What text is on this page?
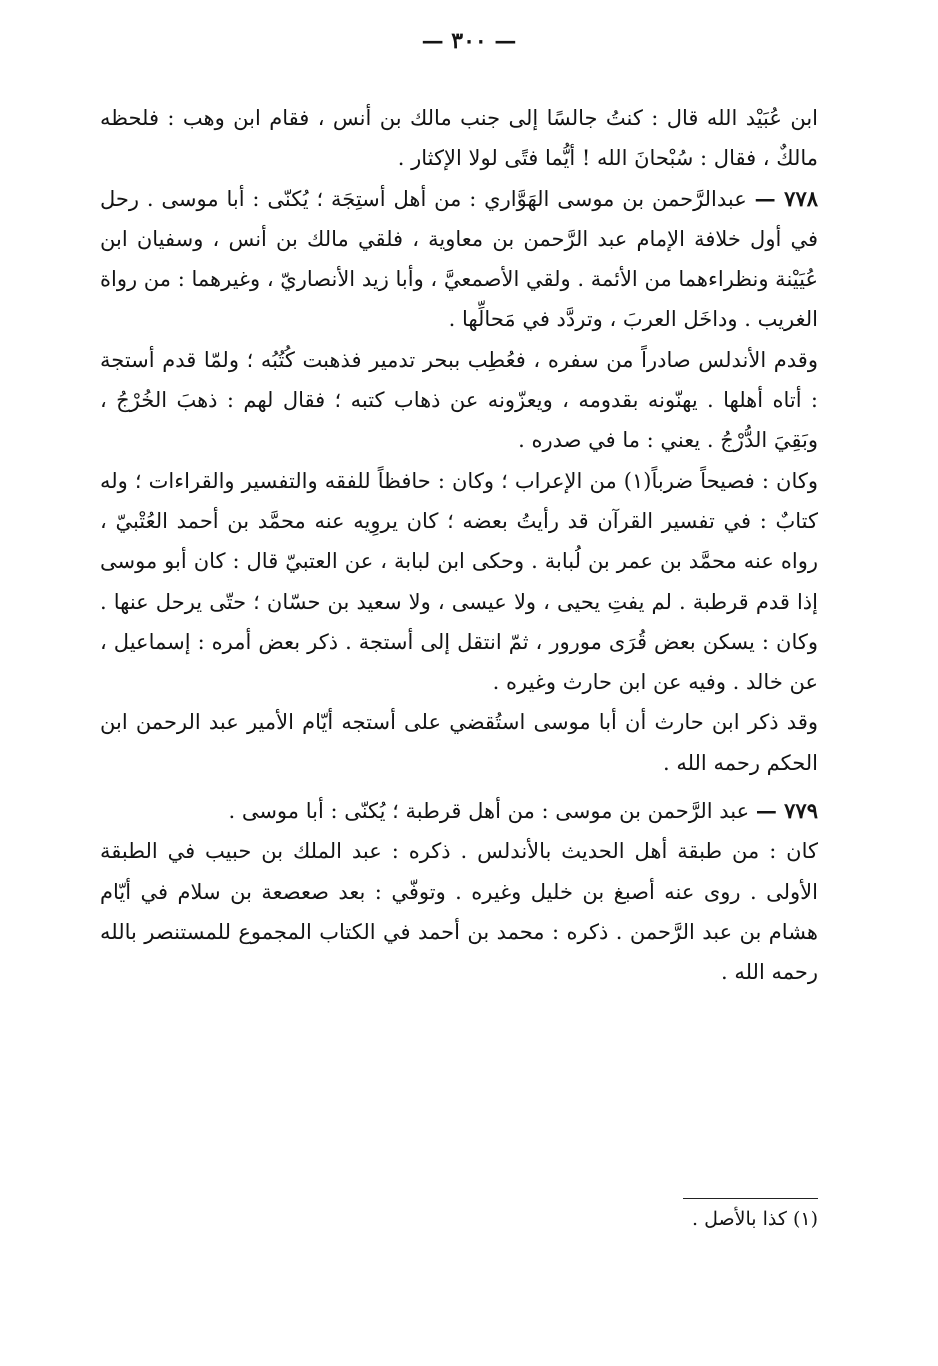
— ٣٠٠ —

ابن عُبَيْد الله قال : كنتُ جالسًا إلى جنب مالك بن أنس ، فقام ابن وهب : فلحظه مالكٌ ، فقال : سُبْحانَ الله ! أيُّما فتًى لولا الإكثار .

٧٧٨ — عبدالرَّحمن بن موسى الهَوَّاري : من أهل أستِجَة ؛ يُكنّى : أبا موسى . رحل في أول خلافة الإمام عبد الرَّحمن بن معاوية ، فلقي مالك بن أنس ، وسفيان ابن عُيَيْنة ونظراءهما من الأئمة . ولقي الأصمعيَّ ، وأبا زيد الأنصاريّ ، وغيرهما : من رواة الغريب . وداخَل العربَ ، وتردَّد في مَحالِّها .

وقدم الأندلس صادراً من سفره ، فعُطِب ببحر تدمير فذهبت كُتُبُه ؛ ولمّا قدم أستجة : أتاه أهلها . يهنّونه بقدومه ، ويعزّونه عن ذهاب كتبه ؛ فقال لهم : ذهبَ الخُرْجُ ، وبَقِيَ الدُّرْجُ . يعني : ما في صدره .

وكان : فصيحاً ضرباً(١) من الإعراب ؛ وكان : حافظاً للفقه والتفسير والقراءات ؛ وله كتابٌ : في تفسير القرآن قد رأيتُ بعضه ؛ كان يروِيه عنه محمَّد بن أحمد العُتْبيّ ، رواه عنه محمَّد بن عمر بن لُبابة . وحكى ابن لبابة ، عن العتبيّ قال : كان أبو موسى إذا قدم قرطبة . لم يفتِ يحيى ، ولا عيسى ، ولا سعيد بن حسّان ؛ حتّى يرحل عنها . وكان : يسكن بعض قُرَى مورور ، ثمّ انتقل إلى أستجة . ذكر بعض أمره : إسماعيل ، عن خالد . وفيه عن ابن حارث وغيره .

وقد ذكر ابن حارث أن أبا موسى استُقضي على أستجه أيّام الأمير عبد الرحمن ابن الحكم رحمه الله .

٧٧٩ — عبد الرَّحمن بن موسى : من أهل قرطبة ؛ يُكنّى : أبا موسى .

كان : من طبقة أهل الحديث بالأندلس . ذكره : عبد الملك بن حبيب في الطبقة الأولى . روى عنه أصبغ بن خليل وغيره . وتوفّي : بعد صعصعة بن سلام في أيّام هشام بن عبد الرَّحمن . ذكره : محمد بن أحمد في الكتاب المجموع للمستنصر بالله رحمه الله .

(١) كذا بالأصل .
